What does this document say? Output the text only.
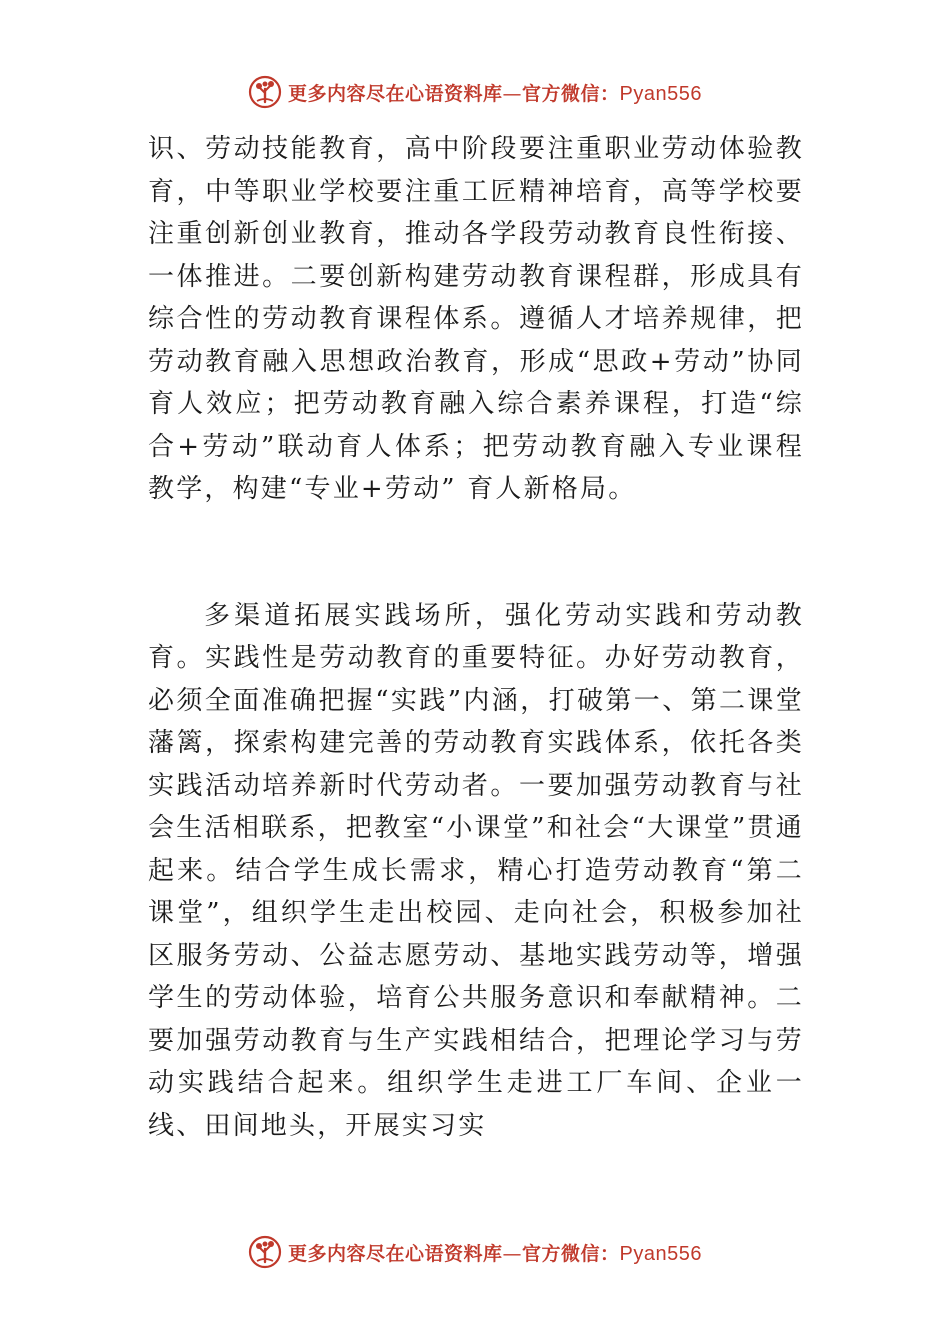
更多内容尽在心语资料库 — 官方微信： Pyan556

识、劳动技能教育，高中阶段要注重职业劳动体验教育，中等职业学校要注重工匠精神培育，高等学校要注重创新创业教育，推动各学段劳动教育良性衔接、一体推进。二要创新构建劳动教育课程群，形成具有综合性的劳动教育课程体系。遵循人才培养规律，把劳动教育融入思想政治教育，形成“思政+劳动”协同育人效应；把劳动教育融入综合素养课程，打造“综合+劳动”联动育人体系；把劳动教育融入专业课程教学，构建“专业+劳动” 育人新格局。

多渠道拓展实践场所，强化劳动实践和劳动教育。实践性是劳动教育的重要特征。办好劳动教育，必须全面准确把握“实践”内涵，打破第一、第二课堂藩篱，探索构建完善的劳动教育实践体系，依托各类实践活动培养新时代劳动者。一要加强劳动教育与社会生活相联系，把教室“小课堂”和社会“大课堂”贯通起来。结合学生成长需求，精心打造劳动教育“第二课堂”，组织学生走出校园、走向社会，积极参加社区服务劳动、公益志愿劳动、基地实践劳动等，增强学生的劳动体验，培育公共服务意识和奉献精神。二要加强劳动教育与生产实践相结合，把理论学习与劳动实践结合起来。组织学生走进工厂车间、企业一线、田间地头，开展实习实

更多内容尽在心语资料库 — 官方微信： Pyan556
